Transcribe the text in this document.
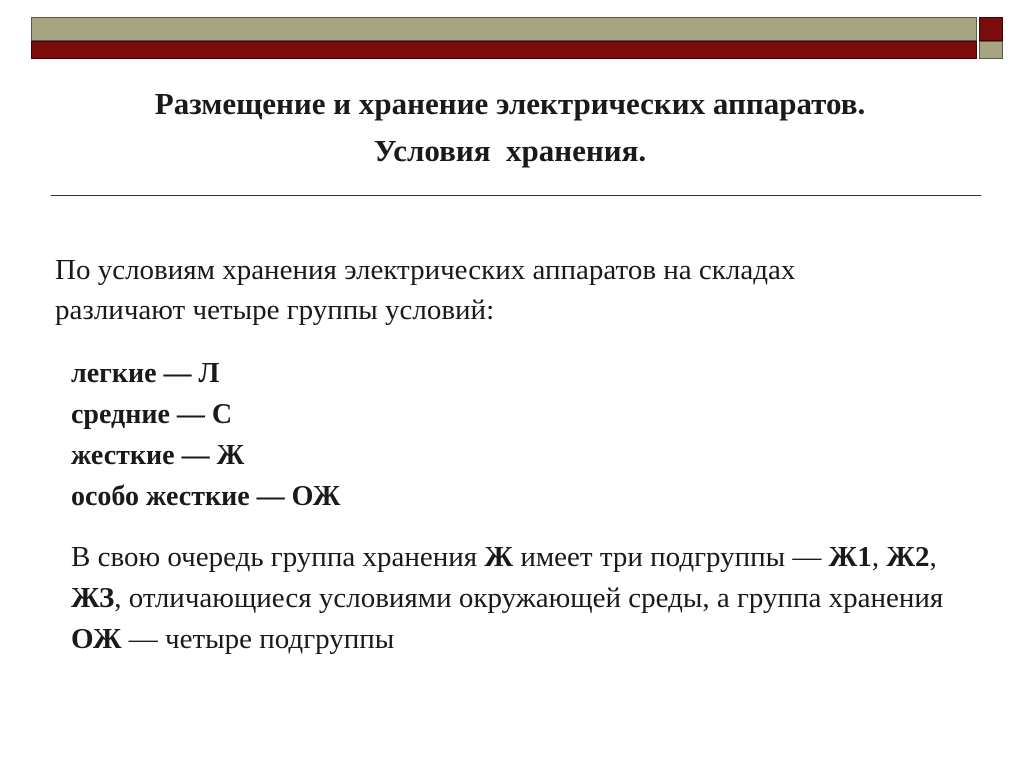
Размещение и хранение электрических аппаратов.
Условия  хранения.
По условиям хранения электрических аппаратов на складах
различают четыре группы условий:
легкие — Л
средние — С
жесткие — Ж
особо жесткие — ОЖ
В свою очередь группа хранения Ж имеет три подгруппы — Ж1, Ж2, ЖЗ, отличающиеся условиями окружающей среды, а группа хранения ОЖ — четыре подгруппы
